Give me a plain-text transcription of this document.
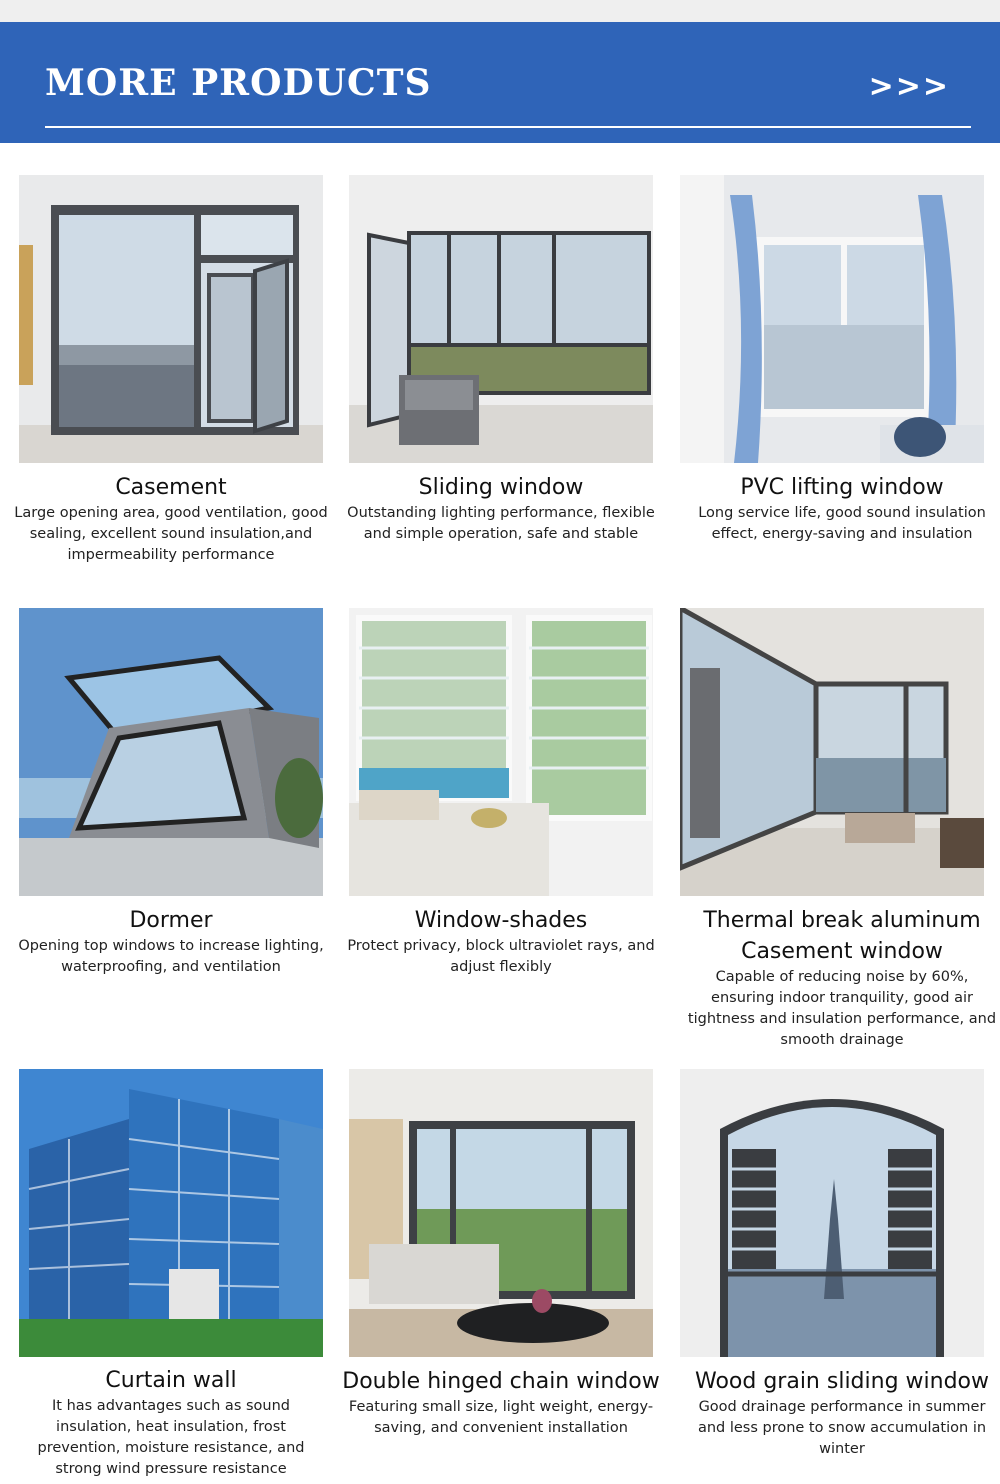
MORE PRODUCTS	>>>

Casement

Large opening area, good ventilation, good sealing, excellent sound insulation,and impermeability performance

Sliding window

Outstanding lighting performance, flexible and simple operation, safe and stable

PVC lifting window

Long service life, good sound insulation effect, energy-saving and insulation

Dormer

Opening top windows to increase lighting, waterproofing, and ventilation

Window-shades

Protect privacy, block ultraviolet rays, and adjust flexibly

Thermal break aluminum Casement window

Capable of reducing noise by 60%, ensuring indoor tranquility, good air tightness and insulation performance, and smooth drainage

Curtain wall

It has advantages such as sound insulation, heat insulation, frost prevention, moisture resistance, and strong wind pressure resistance

Double hinged chain window

Featuring small size, light weight, energy-saving, and convenient installation

Wood grain sliding window

Good drainage performance in summer and less prone to snow accumulation in winter
